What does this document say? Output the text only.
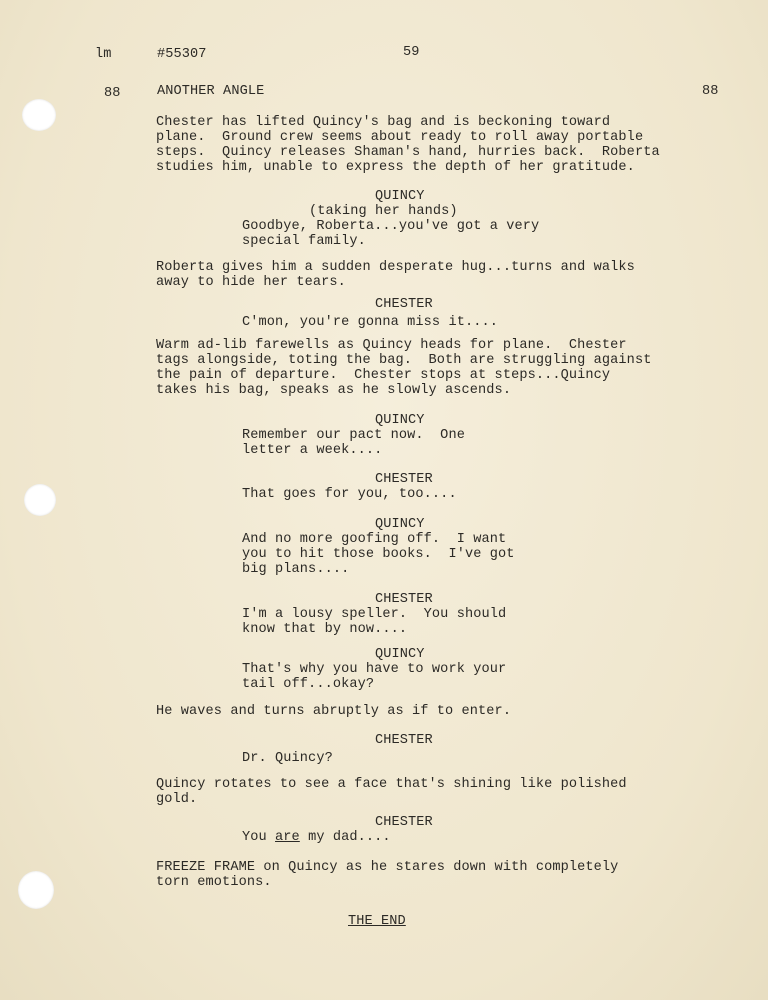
lm	#55307	59
88	ANOTHER ANGLE	88
Chester has lifted Quincy's bag and is beckoning toward
plane.  Ground crew seems about ready to roll away portable
steps.  Quincy releases Shaman's hand, hurries back.  Roberta
studies him, unable to express the depth of her gratitude.
QUINCY
(taking her hands)
Goodbye, Roberta...you've got a very
special family.
Roberta gives him a sudden desperate hug...turns and walks
away to hide her tears.
CHESTER
C'mon, you're gonna miss it....
Warm ad-lib farewells as Quincy heads for plane.  Chester
tags alongside, toting the bag.  Both are struggling against
the pain of departure.  Chester stops at steps...Quincy
takes his bag, speaks as he slowly ascends.
QUINCY
Remember our pact now.  One
letter a week....
CHESTER
That goes for you, too....
QUINCY
And no more goofing off.  I want
you to hit those books.  I've got
big plans....
CHESTER
I'm a lousy speller.  You should
know that by now....
QUINCY
That's why you have to work your
tail off...okay?
He waves and turns abruptly as if to enter.
CHESTER
Dr. Quincy?
Quincy rotates to see a face that's shining like polished
gold.
CHESTER
You are my dad....
FREEZE FRAME on Quincy as he stares down with completely
torn emotions.
THE END
